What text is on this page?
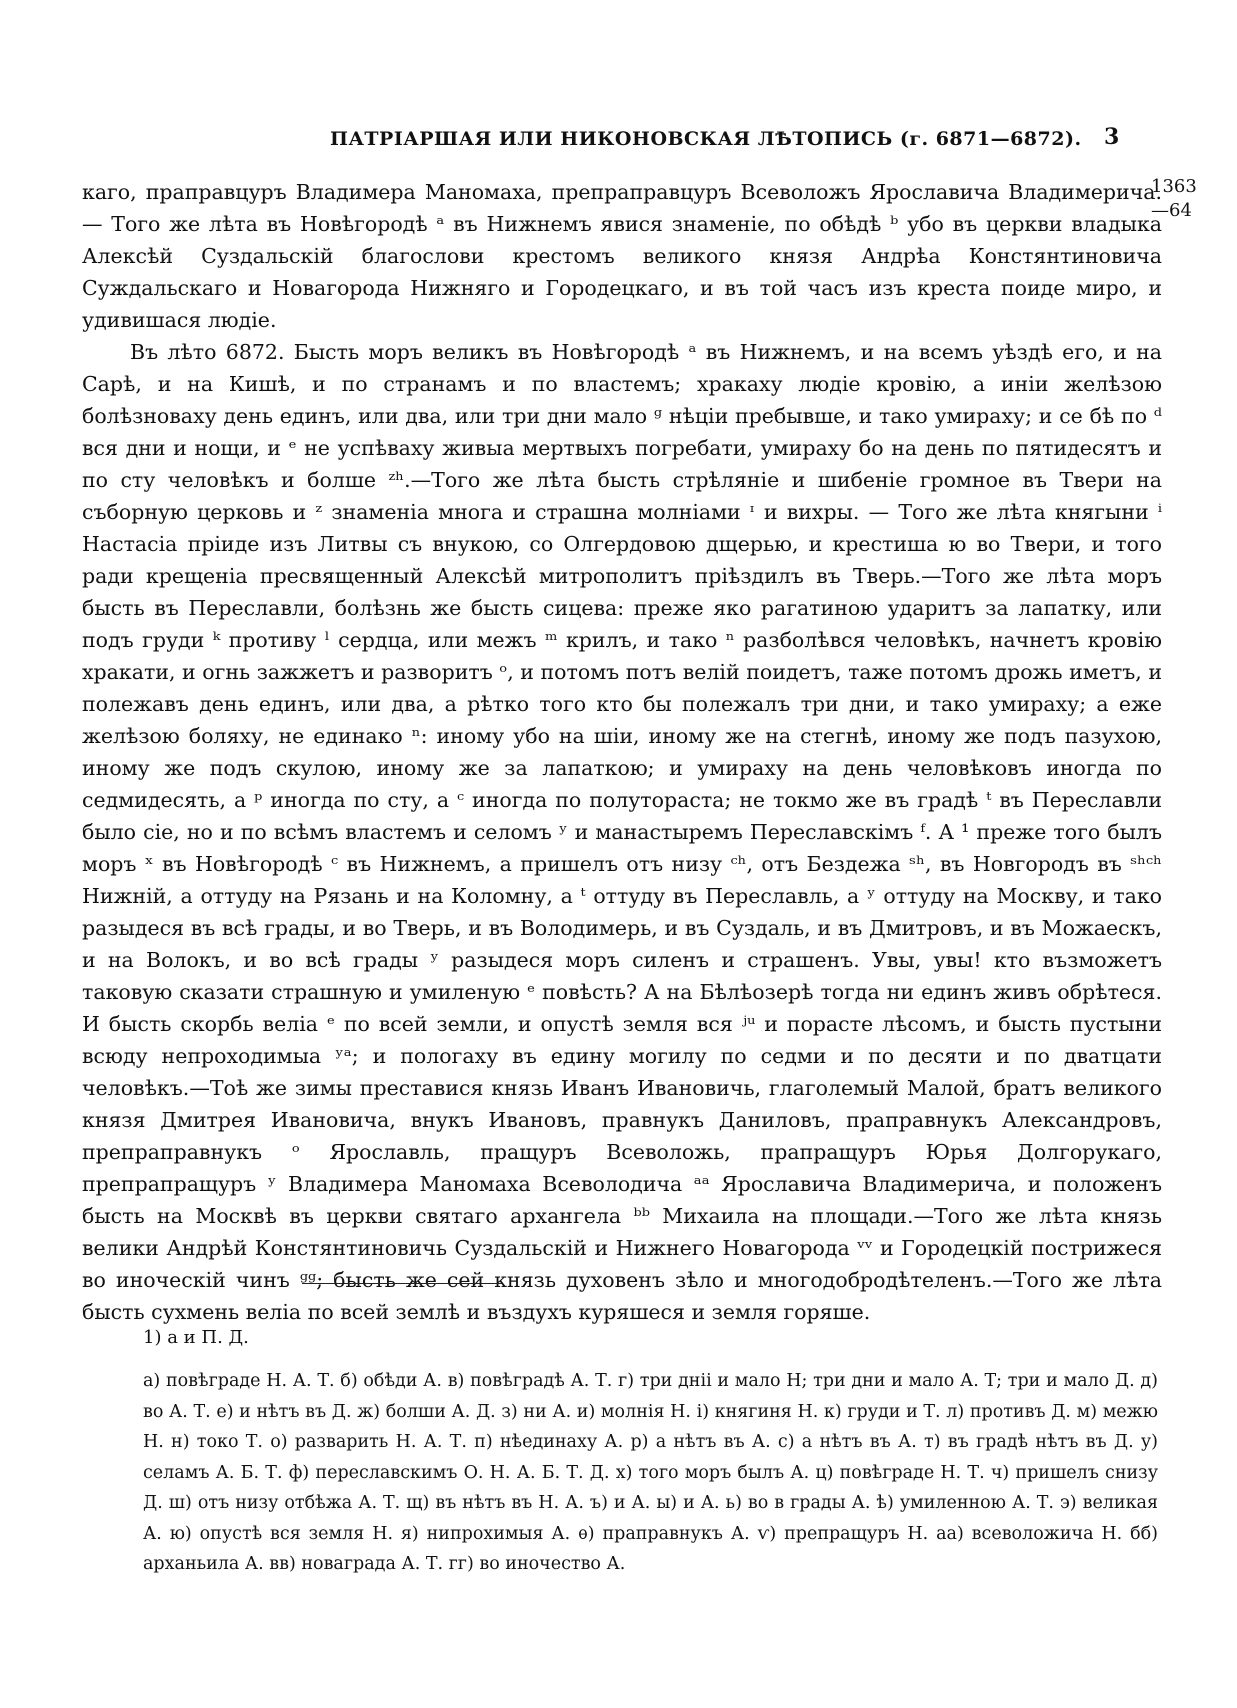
ПАТРІАРШАЯ ИЛИ НИКОНОВСКАЯ ЛѢТОПИСЬ (г. 6871—6872).	3
1363
—64

каго, праправцуръ Владимера Маномаха, препраправцуръ Всеволожъ Ярославича Владимерича.— Того же лѣта въ Новѣгородѣ ᵃ въ Нижнемъ явися знаменіе, по обѣдѣ ᵇ убо въ церкви владыка Алексѣй Суздальскій благослови крестомъ великого князя Андрѣа Констянтиновича Суждальскаго и Новагорода Нижняго и Городецкаго, и въ той часъ изъ креста поиде миро, и удивишася людіе.

Въ лѣто 6872. Бысть моръ великъ въ Новѣгородѣ ᵃ въ Нижнемъ, и на всемъ уѣздѣ его, и на Сарѣ, и на Кишѣ, и по странамъ и по властемъ; хракаху людіе кровію, а иніи желѣзою болѣзноваху день единъ, или два, или три дни мало ᵍ нѣціи пребывше, и тако умираху; и се бѣ по ᵈ вся дни и нощи, и ᵉ не успѣваху живыа мертвыхъ погребати, умираху бо на день по пятидесятъ и по сту человѣкъ и болше ᶻʰ.—Того же лѣта бысть стрѣляніе и шибеніе громное въ Твери на съборную церковь и ᶻ знаменіа многа и страшна молніами ᶦ и вихры. — Того же лѣта княгыни ⁱ Настасіа пріиде изъ Литвы съ внукою, со Олгердовою дщерью, и крестиша ю во Твери, и того ради крещеніа пресвященный Алексѣй митрополитъ пріѣздилъ въ Тверь.—Того же лѣта моръ бысть въ Переславли, болѣзнь же бысть сицева: преже яко рагатиною ударитъ за лапатку, или подъ груди ᵏ противу ˡ сердца, или межъ ᵐ крилъ, и тако ⁿ разболѣвся человѣкъ, начнетъ кровію хракати, и огнь зажжетъ и разворитъ ᵒ, и потомъ потъ велій поидетъ, таже потомъ дрожь иметъ, и полежавъ день единъ, или два, а рѣтко того кто бы полежалъ три дни, и тако умираху; а еже желѣзою боляху, не единако ⁿ: иному убо на шіи, иному же на стегнѣ, иному же подъ пазухою, иному же подъ скулою, иному же за лапаткою; и умираху на день человѣковъ иногда по седмидесять, а ᵖ иногда по сту, а ᶜ иногда по полутораста; не токмо же въ градѣ ᵗ въ Переславли было сіе, но и по всѣмъ властемъ и селомъ ʸ и манастыремъ Переславскімъ ᶠ. А ¹ преже того былъ моръ ˣ въ Новѣгородѣ ᶜ въ Нижнемъ, а пришелъ отъ низу ᶜʰ, отъ Бездежа ˢʰ, въ Новгородъ въ ˢʰᶜʰ Нижній, а оттуду на Рязань и на Коломну, а ᵗ оттуду въ Переславль, а ʸ оттуду на Москву, и тако разыдеся въ всѣ грады, и во Тверь, и въ Володимерь, и въ Суздаль, и въ Дмитровъ, и въ Можаескъ, и на Волокъ, и во всѣ грады ʸ разыдеся моръ силенъ и страшенъ. Увы, увы! кто възможетъ таковую сказати страшную и умиленую ᵉ повѣсть? А на Бѣлѣозерѣ тогда ни единъ живъ обрѣтеся. И бысть скорбь веліа ᵉ по всей земли, и опустѣ земля вся ʲᵘ и порасте лѣсомъ, и бысть пустыни всюду непроходимыа ʸᵃ; и пологаху въ едину могилу по седми и по десяти и по дватцати человѣкъ.—Тоѣ же зимы преставися князь Иванъ Ивановичь, глаголемый Малой, братъ великого князя Дмитрея Ивановича, внукъ Ивановъ, правнукъ Даниловъ, праправнукъ Александровъ, препраправнукъ ᵒ Ярославль, пращуръ Всеволожь, прапращуръ Юрья Долгорукаго, препрапращуръ ʸ Владимера Маномаха Всеволодича ᵃᵃ Ярославича Владимерича, и положенъ бысть на Москвѣ въ церкви святаго архангела ᵇᵇ Михаила на площади.—Того же лѣта князь велики Андрѣй Констянтиновичь Суздальскій и Нижнего Новагорода ᵛᵛ и Городецкій пострижеся во иноческій чинъ ᵍᵍ; бысть же сей князь духовенъ зѣло и многодобродѣтеленъ.—Того же лѣта бысть сухмень веліа по всей землѣ и въздухъ куряшеся и земля горяше.

1) а и П. Д.
а) повѣграде Н. А. Т. б) обѣди А. в) повѣградѣ А. Т. г) три дніі и мало Н; три дни и мало А. Т; три и мало Д. д) во А. Т. е) и нѣтъ въ Д. ж) болши А. Д. з) ни А. и) молнія Н. і) княгиня Н. к) груди и Т. л) противъ Д. м) межю Н. н) токо Т. о) разварить Н. А. Т. п) нѣединаху А. р) а нѣтъ въ А. с) а нѣтъ въ А. т) въ градѣ нѣтъ въ Д. у) селамъ А. Б. Т. ф) переславскимъ О. Н. А. Б. Т. Д. х) того моръ былъ А. ц) повѣграде Н. Т. ч) пришелъ снизу Д. ш) отъ низу отбѣжа А. Т. щ) въ нѣтъ въ Н. А. ъ) и А. ы) и А. ь) во в грады А. ѣ) умиленною А. Т. э) великая А. ю) опустѣ вся земля Н. я) нипрохимыя А. ѳ) праправнукъ А. ѵ) препращуръ Н. аа) всеволожича Н. бб) арханьила А. вв) новаграда А. Т. гг) во иночество А.
